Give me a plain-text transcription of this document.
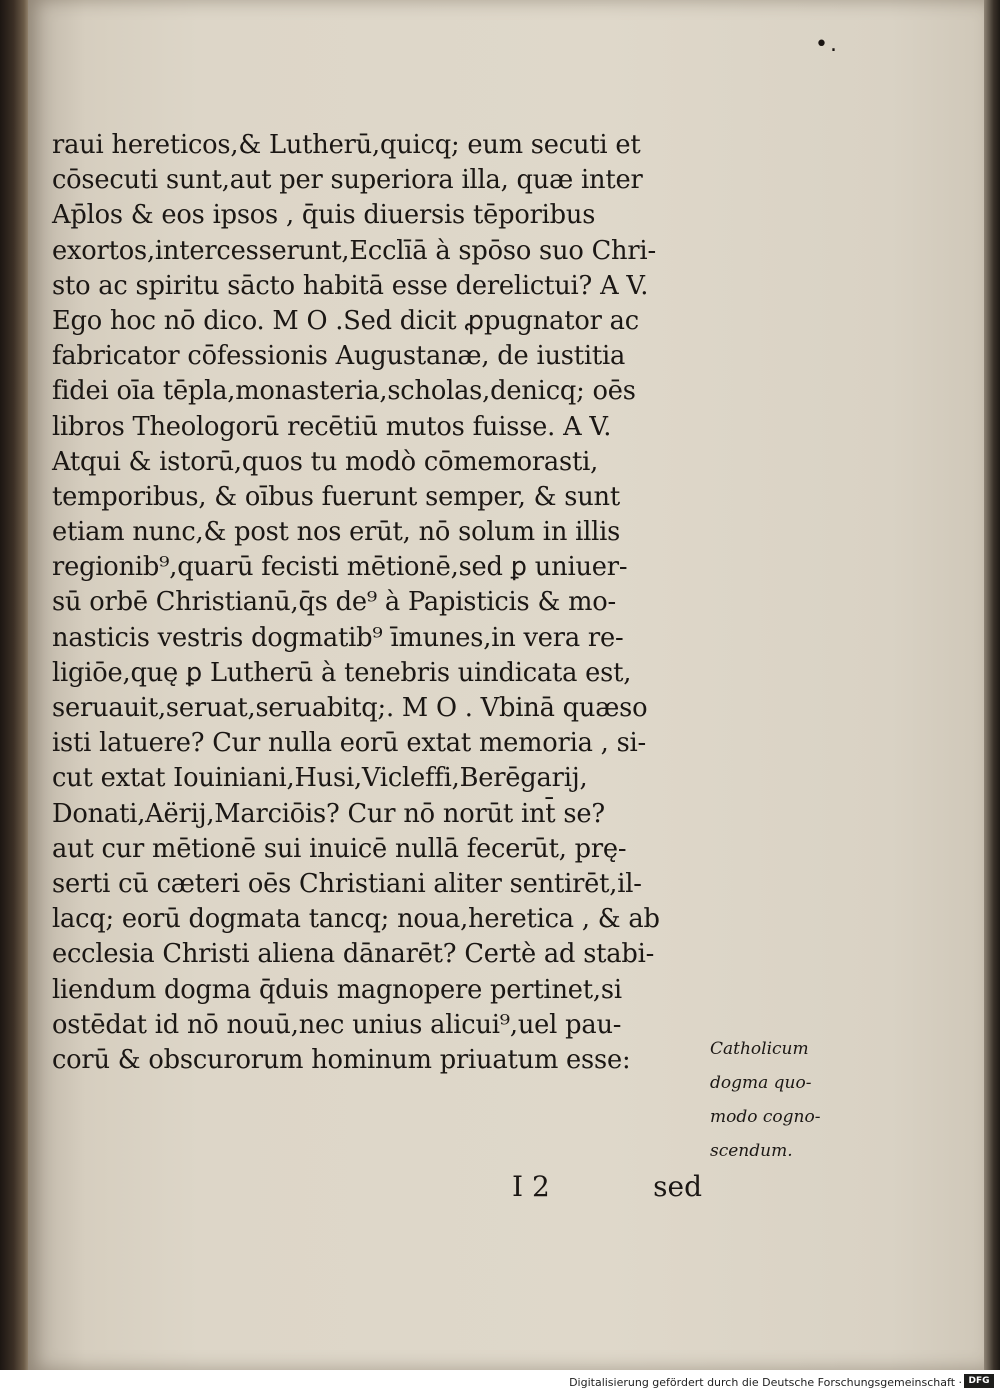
•.
raui hereticos,& Lutherū,quicq; eum secuti et
cōsecuti sunt,aut per superiora illa, quæ inter
Ap̄los & eos ipsos , q̄uis diuersis tēporibus
exortos,intercesserunt,Ecclīā à spōso suo Chri-
sto ac spiritu sācto habitā esse derelictui? A V.
Ego hoc nō dico. M O .Sed dicit ꝓpugnator ac
fabricator cōfessionis Augustanæ, de iustitia
fidei oīa tēpla,monasteria,scholas,denicq; oēs
libros Theologorū recētiū mutos fuisse. A V.
Atqui & istorū,quos tu modò cōmemorasti,
temporibus, & oībus fuerunt semper, & sunt
etiam nunc,& post nos erūt, nō solum in illis
regionib⁹,quarū fecisti mētionē,sed ꝑ uniuer-
sū orbē Christianū,q̄s de⁹ à Papisticis & mo-
nasticis vestris dogmatib⁹ īmunes,in vera re-
ligiōe,quę ꝑ Lutherū à tenebris uindicata est,
seruauit,seruat,seruabitq;. M O . Vbinā quæso
isti latuere? Cur nulla eorū extat memoria , si-
cut extat Iouiniani,Husi,Vicleffi,Berēgarij,
Donati,Aërij,Marciōis? Cur nō norūt int̄ se?
aut cur mētionē sui inuicē nullā fecerūt, prę-
serti cū cæteri oēs Christiani aliter sentirēt,il-
lacq; eorū dogmata tancq; noua,heretica , & ab
ecclesia Christi aliena dānarēt? Certè ad stabi-
liendum dogma q̄duis magnopere pertinet,si
ostēdat id nō nouū,nec unius alicui⁹,uel pau-
corū & obscurorum hominum priuatum esse:	Catholicum
dogma quo-
modo cogno-
scendum.
I 2	sed
Digitalisierung gefördert durch die Deutsche Forschungsgemeinschaft · DFG
